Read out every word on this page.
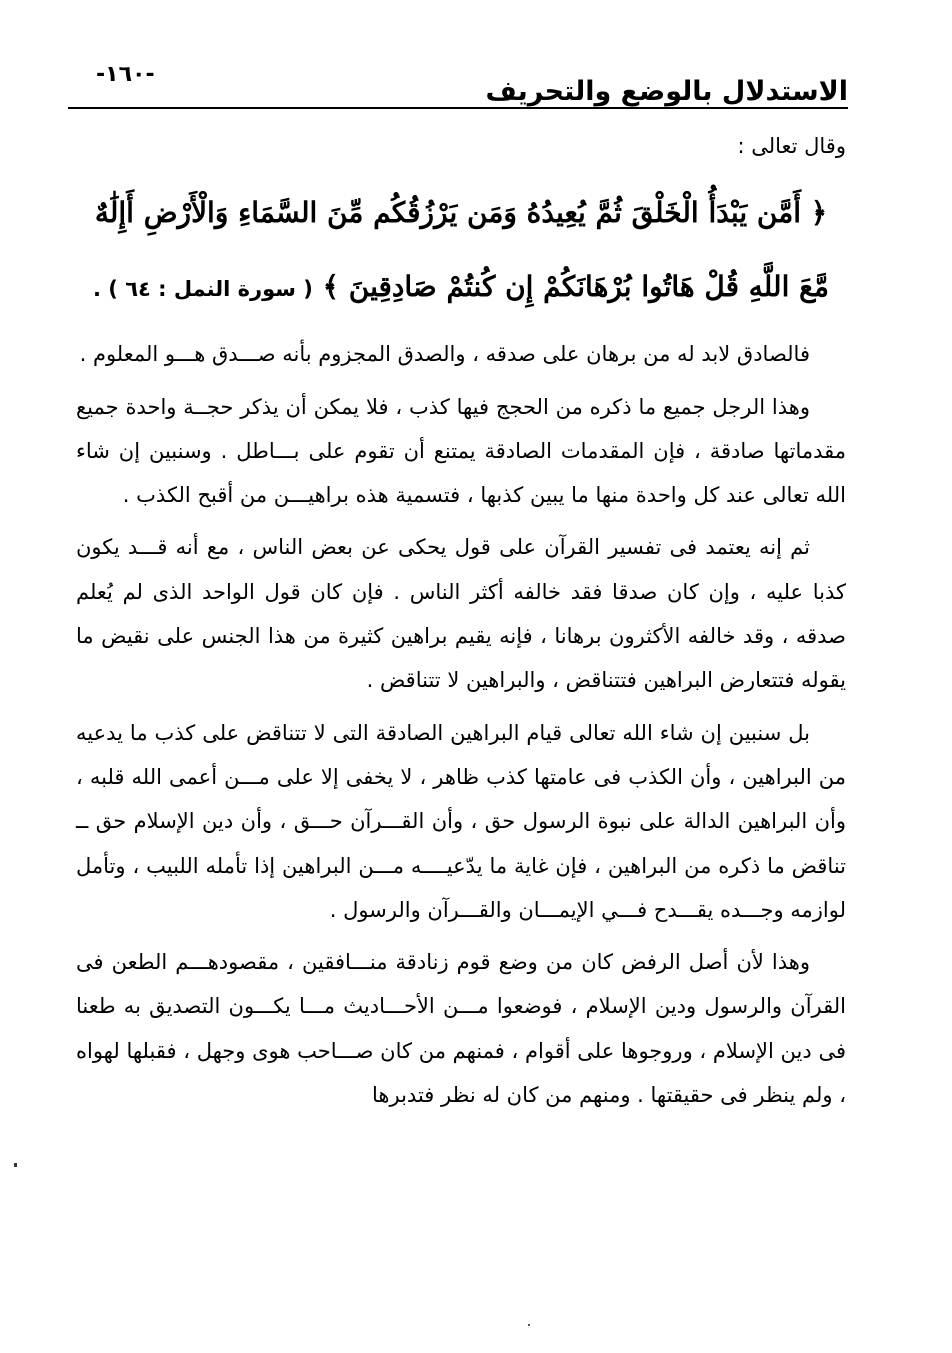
-١٦٠-
الاستدلال بالوضع والتحريف

وقال تعالى :

﴿ أَمَّن يَبْدَأُ الْخَلْقَ ثُمَّ يُعِيدُهُ وَمَن يَرْزُقُكُم مِّنَ السَّمَاءِ وَالْأَرْضِ أَإِلَٰهٌ مَّعَ اللَّهِ قُلْ هَاتُوا بُرْهَانَكُمْ إِن كُنتُمْ صَادِقِينَ ﴾ ( سورة النمل : ٦٤ ) .

فالصادق لابد له من برهان على صدقه ، والصدق المجزوم بأنه صـــدق هـــو المعلوم .

وهذا الرجل جميع ما ذكره من الحجج فيها كذب ، فلا يمكن أن يذكر حجــة واحدة جميع مقدماتها صادقة ، فإن المقدمات الصادقة يمتنع أن تقوم على بـــاطل . وسنبين إن شاء الله تعالى عند كل واحدة منها ما يبين كذبها ، فتسمية هذه براهيـــن من أقبح الكذب .

ثم إنه يعتمد فى تفسير القرآن على قول يحكى عن بعض الناس ، مع أنه قـــد يكون كذبا عليه ، وإن كان صدقا فقد خالفه أكثر الناس . فإن كان قول الواحد الذى لم يُعلم صدقه ، وقد خالفه الأكثرون برهانا ، فإنه يقيم براهين كثيرة من هذا الجنس على نقيض ما يقوله فتتعارض البراهين فتتناقض ، والبراهين لا تتناقض .

بل سنبين إن شاء الله تعالى قيام البراهين الصادقة التى لا تتناقض على كذب ما يدعيه من البراهين ، وأن الكذب فى عامتها كذب ظاهر ، لا يخفى إلا على مـــن أعمى الله قلبه ، وأن البراهين الدالة على نبوة الرسول حق ، وأن القـــرآن حـــق ، وأن دين الإسلام حق ــ تناقض ما ذكره من البراهين ، فإن غاية ما يدّعيــــه مـــن البراهين إذا تأمله اللبيب ، وتأمل لوازمه وجـــده يقـــدح فـــي الإيمـــان والقـــرآن والرسول .

وهذا لأن أصل الرفض كان من وضع قوم زنادقة منـــافقين ، مقصودهـــم الطعن فى القرآن والرسول ودين الإسلام ، فوضعوا مـــن الأحـــاديث مـــا يكـــون التصديق به طعنا فى دين الإسلام ، وروجوها على أقوام ، فمنهم من كان صـــاحب هوى وجهل ، فقبلها لهواه ، ولم ينظر فى حقيقتها . ومنهم من كان له نظر فتدبرها
